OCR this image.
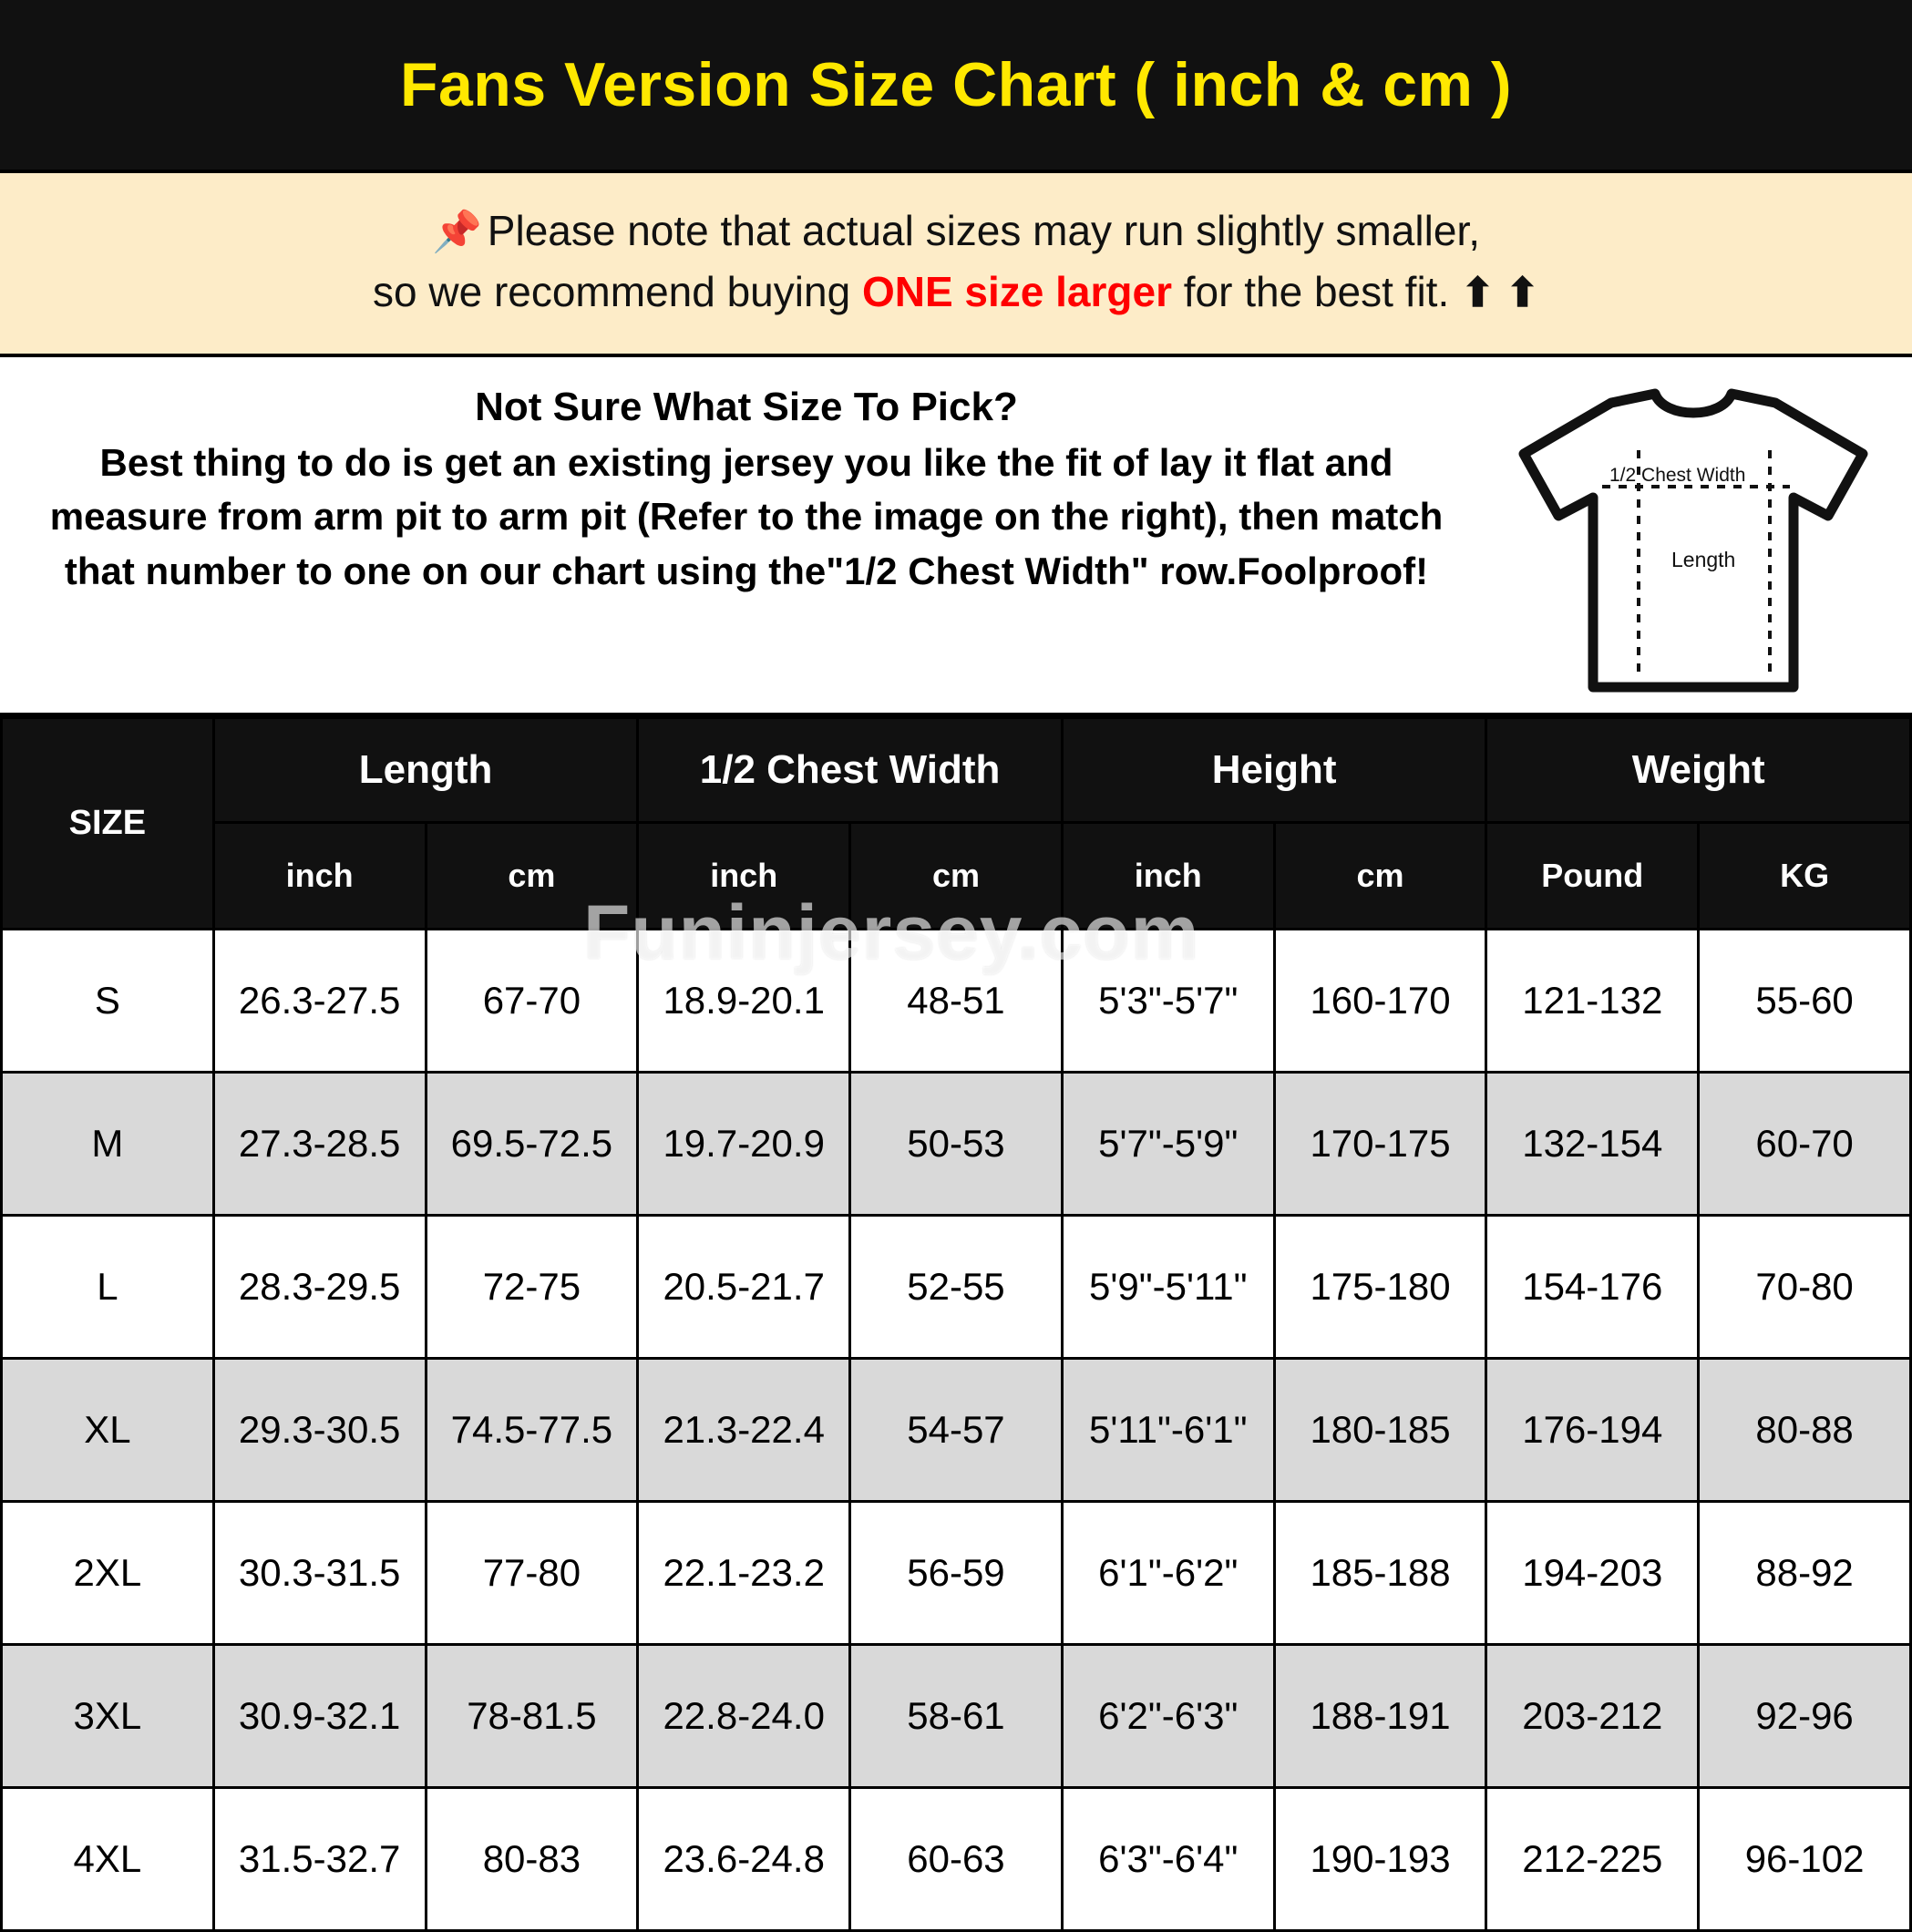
Fans Version Size Chart ( inch & cm )
📌 Please note that actual sizes may run slightly smaller,
so we recommend buying ONE size larger for the best fit. ⬆ ⬆
Not Sure What Size To Pick?
Best thing to do is get an existing jersey you like the fit of lay it flat and measure from arm pit to arm pit (Refer to the image on the right), then match that number to one on our chart using the"1/2 Chest Width" row.Foolproof!
1/2 Chest Width
Length
SIZE	Length		1/2 Chest Width		Height		Weight	
	inch	cm	inch	cm	inch	cm	Pound	KG
S	26.3-27.5	67-70	18.9-20.1	48-51	5'3"-5'7"	160-170	121-132	55-60
M	27.3-28.5	69.5-72.5	19.7-20.9	50-53	5'7"-5'9"	170-175	132-154	60-70
L	28.3-29.5	72-75	20.5-21.7	52-55	5'9"-5'11"	175-180	154-176	70-80
XL	29.3-30.5	74.5-77.5	21.3-22.4	54-57	5'11"-6'1"	180-185	176-194	80-88
2XL	30.3-31.5	77-80	22.1-23.2	56-59	6'1"-6'2"	185-188	194-203	88-92
3XL	30.9-32.1	78-81.5	22.8-24.0	58-61	6'2"-6'3"	188-191	203-212	92-96
4XL	31.5-32.7	80-83	23.6-24.8	60-63	6'3"-6'4"	190-193	212-225	96-102
Funinjersey.com
